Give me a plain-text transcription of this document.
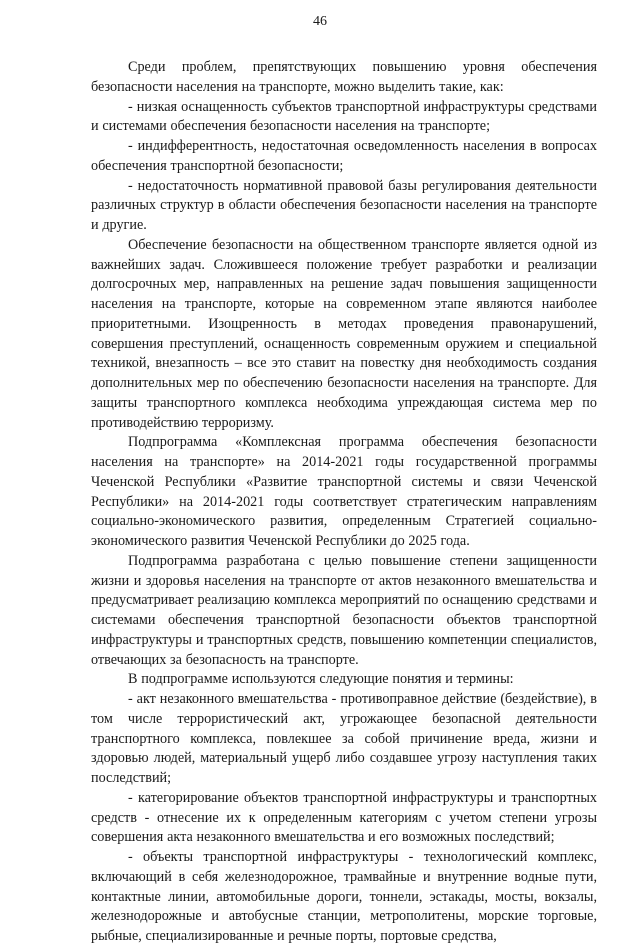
46

Среди проблем, препятствующих повышению уровня обеспечения безопасности населения на транспорте, можно выделить такие, как:

- низкая оснащенность субъектов транспортной инфраструктуры средствами и системами обеспечения безопасности населения на транспорте;

- индифферентность, недостаточная осведомленность населения в вопросах обеспечения транспортной безопасности;

- недостаточность нормативной правовой базы регулирования деятельности различных структур в области обеспечения безопасности населения на транспорте и другие.

Обеспечение безопасности на общественном транспорте является одной из важнейших задач. Сложившееся положение требует разработки и реализации долгосрочных мер, направленных на решение задач повышения защищенности населения на транспорте, которые на современном этапе являются наиболее приоритетными. Изощренность в методах проведения правонарушений, совершения преступлений, оснащенность современным оружием и специальной техникой, внезапность – все это ставит на повестку дня необходимость создания дополнительных мер по обеспечению безопасности населения на транспорте. Для защиты транспортного комплекса необходима упреждающая система мер по противодействию терроризму.

Подпрограмма «Комплексная программа обеспечения безопасности населения на транспорте» на 2014-2021 годы государственной программы Чеченской Республики «Развитие транспортной системы и связи Чеченской Республики» на 2014-2021 годы соответствует стратегическим направлениям социально-экономического развития, определенным Стратегией социально-экономического развития Чеченской Республики до 2025 года.

Подпрограмма разработана с целью повышение степени защищенности жизни и здоровья населения на транспорте от актов незаконного вмешательства и предусматривает реализацию комплекса мероприятий по оснащению средствами и системами обеспечения транспортной безопасности объектов транспортной инфраструктуры и транспортных средств, повышению компетенции специалистов, отвечающих за безопасность на транспорте.

В подпрограмме используются следующие понятия и термины:

- акт незаконного вмешательства - противоправное действие (бездействие), в том числе террористический акт, угрожающее безопасной деятельности транспортного комплекса, повлекшее за собой причинение вреда, жизни и здоровью людей, материальный ущерб либо создавшее угрозу наступления таких последствий;

- категорирование объектов транспортной инфраструктуры и транспортных средств - отнесение их к определенным категориям с учетом степени угрозы совершения акта незаконного вмешательства и его возможных последствий;

- объекты транспортной инфраструктуры - технологический комплекс, включающий в себя железнодорожное, трамвайные и внутренние водные пути, контактные линии, автомобильные дороги, тоннели, эстакады, мосты, вокзалы, железнодорожные и автобусные станции, метрополитены, морские торговые, рыбные, специализированные и речные порты, портовые средства,
